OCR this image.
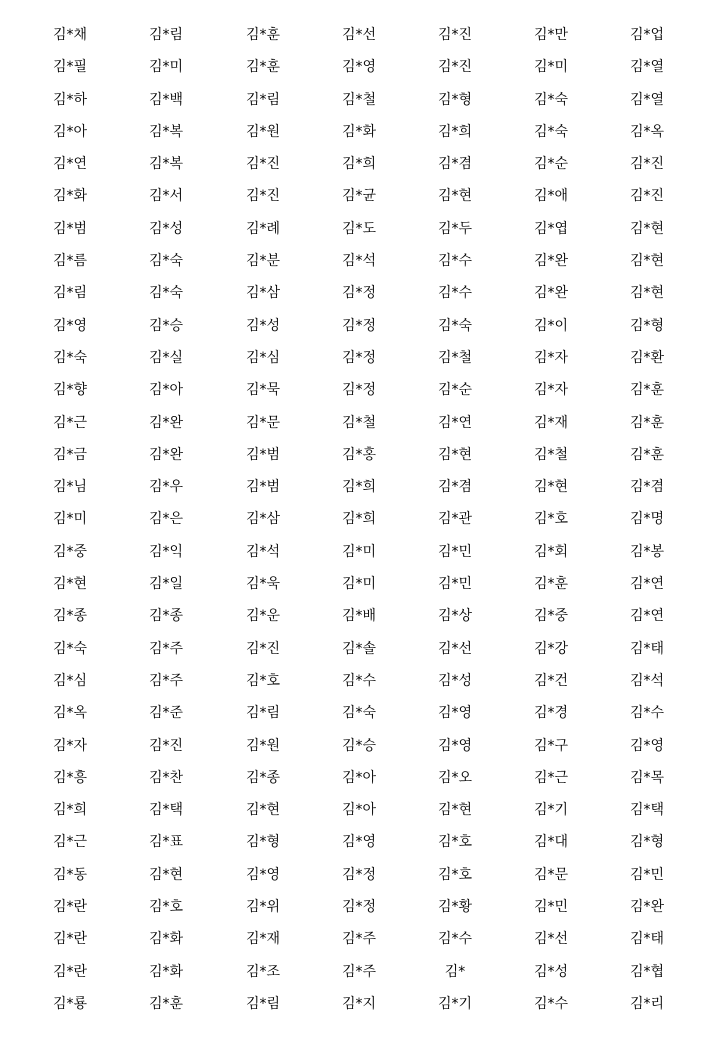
김*채	김*림	김*훈	김*선	김*진	김*만	김*업
김*필	김*미	김*훈	김*영	김*진	김*미	김*열
김*하	김*백	김*림	김*철	김*형	김*숙	김*열
김*아	김*복	김*원	김*화	김*희	김*숙	김*옥
김*연	김*복	김*진	김*희	김*겸	김*순	김*진
김*화	김*서	김*진	김*균	김*현	김*애	김*진
김*범	김*성	김*례	김*도	김*두	김*엽	김*현
김*름	김*숙	김*분	김*석	김*수	김*완	김*현
김*림	김*숙	김*삼	김*정	김*수	김*완	김*현
김*영	김*승	김*성	김*정	김*숙	김*이	김*형
김*숙	김*실	김*심	김*정	김*철	김*자	김*환
김*향	김*아	김*묵	김*정	김*순	김*자	김*훈
김*근	김*완	김*문	김*철	김*연	김*재	김*훈
김*금	김*완	김*범	김*홍	김*현	김*철	김*훈
김*님	김*우	김*범	김*희	김*겸	김*현	김*겸
김*미	김*은	김*삼	김*희	김*관	김*호	김*명
김*중	김*익	김*석	김*미	김*민	김*회	김*봉
김*현	김*일	김*욱	김*미	김*민	김*훈	김*연
김*종	김*종	김*운	김*배	김*상	김*중	김*연
김*숙	김*주	김*진	김*솔	김*선	김*강	김*태
김*심	김*주	김*호	김*수	김*성	김*건	김*석
김*옥	김*준	김*림	김*숙	김*영	김*경	김*수
김*자	김*진	김*원	김*승	김*영	김*구	김*영
김*흥	김*찬	김*종	김*아	김*오	김*근	김*목
김*희	김*택	김*현	김*아	김*현	김*기	김*택
김*근	김*표	김*형	김*영	김*호	김*대	김*형
김*동	김*현	김*영	김*정	김*호	김*문	김*민
김*란	김*호	김*위	김*정	김*황	김*민	김*완
김*란	김*화	김*재	김*주	김*수	김*선	김*태
김*란	김*화	김*조	김*주	김*	김*성	김*협
김*룡	김*훈	김*림	김*지	김*기	김*수	김*리
